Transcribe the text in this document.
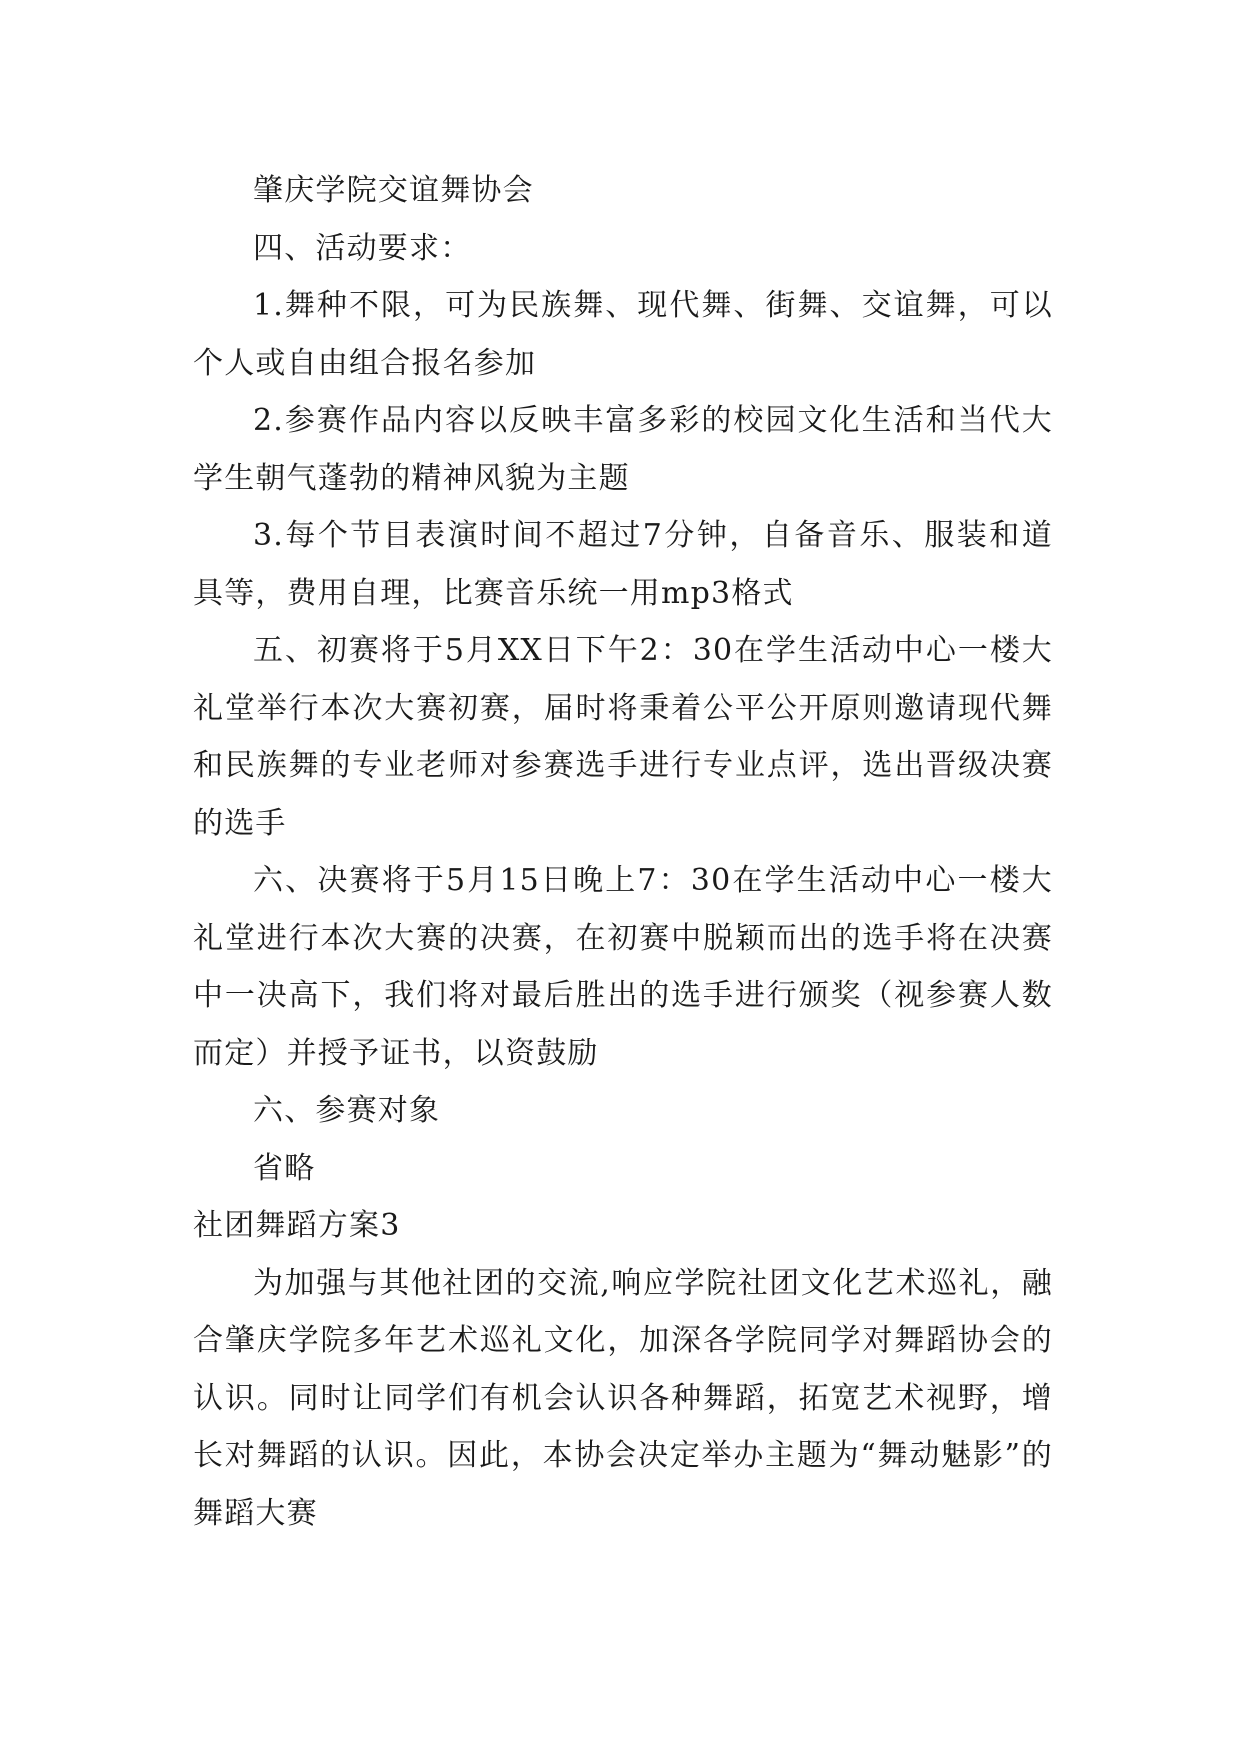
肇庆学院交谊舞协会

四、活动要求：

1.舞种不限，可为民族舞、现代舞、街舞、交谊舞，可以个人或自由组合报名参加

2.参赛作品内容以反映丰富多彩的校园文化生活和当代大学生朝气蓬勃的精神风貌为主题

3.每个节目表演时间不超过7分钟，自备音乐、服装和道具等，费用自理，比赛音乐统一用mp3格式

五、初赛将于5月XX日下午2：30在学生活动中心一楼大礼堂举行本次大赛初赛，届时将秉着公平公开原则邀请现代舞和民族舞的专业老师对参赛选手进行专业点评，选出晋级决赛的选手

六、决赛将于5月15日晚上7：30在学生活动中心一楼大礼堂进行本次大赛的决赛，在初赛中脱颖而出的选手将在决赛中一决高下，我们将对最后胜出的选手进行颁奖（视参赛人数而定）并授予证书，以资鼓励

六、参赛对象

省略

社团舞蹈方案3

为加强与其他社团的交流,响应学院社团文化艺术巡礼，融合肇庆学院多年艺术巡礼文化，加深各学院同学对舞蹈协会的认识。同时让同学们有机会认识各种舞蹈，拓宽艺术视野，增长对舞蹈的认识。因此，本协会决定举办主题为“舞动魅影”的舞蹈大赛
